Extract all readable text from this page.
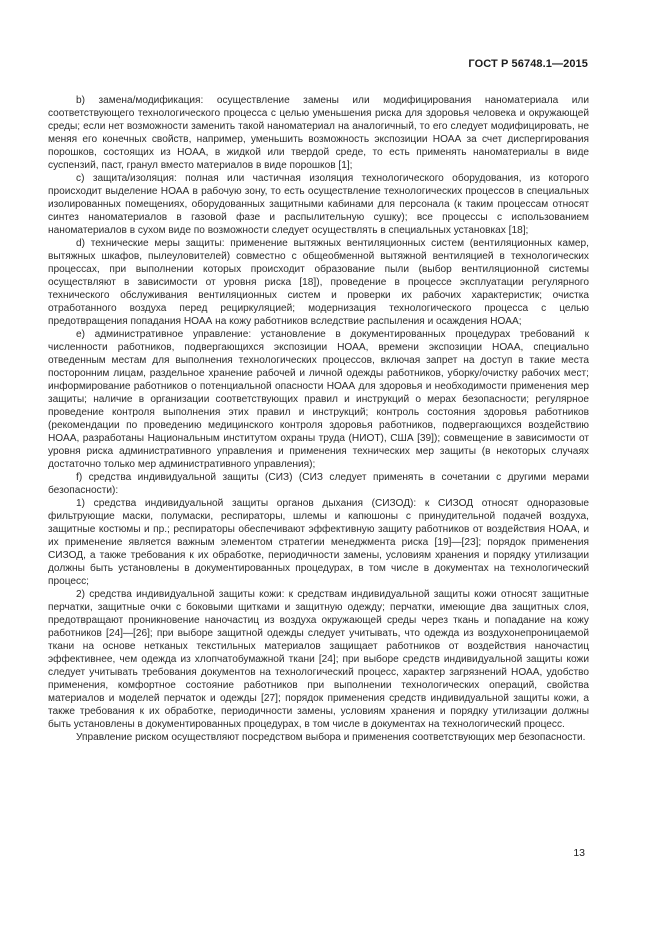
ГОСТ Р 56748.1—2015

b) замена/модификация: осуществление замены или модифицирования наноматериала или соответствующего технологического процесса с целью уменьшения риска для здоровья человека и окружающей среды; если нет возможности заменить такой наноматериал на аналогичный, то его следует модифицировать, не меняя его конечных свойств, например, уменьшить возможность экспозиции НОАА за счет диспергирования порошков, состоящих из НОАА, в жидкой или твердой среде, то есть применять наноматериалы в виде суспензий, паст, гранул вместо материалов в виде порошков [1];

c) защита/изоляция: полная или частичная изоляция технологического оборудования, из которого происходит выделение НОАА в рабочую зону, то есть осуществление технологических процессов в специальных изолированных помещениях, оборудованных защитными кабинами для персонала (к таким процессам относят синтез наноматериалов в газовой фазе и распылительную сушку); все процессы с использованием наноматериалов в сухом виде по возможности следует осуществлять в специальных установках [18];

d) технические меры защиты: применение вытяжных вентиляционных систем (вентиляционных камер, вытяжных шкафов, пылеуловителей) совместно с общеобменной вытяжной вентиляцией в технологических процессах, при выполнении которых происходит образование пыли (выбор вентиляционной системы осуществляют в зависимости от уровня риска [18]), проведение в процессе эксплуатации регулярного технического обслуживания вентиляционных систем и проверки их рабочих характеристик; очистка отработанного воздуха перед рециркуляцией; модернизация технологического процесса с целью предотвращения попадания НОАА на кожу работников вследствие распыления и осаждения НОАА;

e) административное управление: установление в документированных процедурах требований к численности работников, подвергающихся экспозиции НОАА, времени экспозиции НОАА, специально отведенным местам для выполнения технологических процессов, включая запрет на доступ в такие места посторонним лицам, раздельное хранение рабочей и личной одежды работников, уборку/очистку рабочих мест; информирование работников о потенциальной опасности НОАА для здоровья и необходимости применения мер защиты; наличие в организации соответствующих правил и инструкций о мерах безопасности; регулярное проведение контроля выполнения этих правил и инструкций; контроль состояния здоровья работников (рекомендации по проведению медицинского контроля здоровья работников, подвергающихся воздействию НОАА, разработаны Национальным институтом охраны труда (НИОТ), США [39]); совмещение в зависимости от уровня риска административного управления и применения технических мер защиты (в некоторых случаях достаточно только мер административного управления);

f) средства индивидуальной защиты (СИЗ) (СИЗ следует применять в сочетании с другими мерами безопасности):

1) средства индивидуальной защиты органов дыхания (СИЗОД): к СИЗОД относят одноразовые фильтрующие маски, полумаски, респираторы, шлемы и капюшоны с принудительной подачей воздуха, защитные костюмы и пр.; респираторы обеспечивают эффективную защиту работников от воздействия НОАА, и их применение является важным элементом стратегии менеджмента риска [19]—[23]; порядок применения СИЗОД, а также требования к их обработке, периодичности замены, условиям хранения и порядку утилизации должны быть установлены в документированных процедурах, в том числе в документах на технологический процесс;

2) средства индивидуальной защиты кожи: к средствам индивидуальной защиты кожи относят защитные перчатки, защитные очки с боковыми щитками и защитную одежду; перчатки, имеющие два защитных слоя, предотвращают проникновение наночастиц из воздуха окружающей среды через ткань и попадание на кожу работников [24]—[26]; при выборе защитной одежды следует учитывать, что одежда из воздухонепроницаемой ткани на основе нетканых текстильных материалов защищает работников от воздействия наночастиц эффективнее, чем одежда из хлопчатобумажной ткани [24]; при выборе средств индивидуальной защиты кожи следует учитывать требования документов на технологический процесс, характер загрязнений НОАА, удобство применения, комфортное состояние работников при выполнении технологических операций, свойства материалов и моделей перчаток и одежды [27]; порядок применения средств индивидуальной защиты кожи, а также требования к их обработке, периодичности замены, условиям хранения и порядку утилизации должны быть установлены в документированных процедурах, в том числе в документах на технологический процесс.

Управление риском осуществляют посредством выбора и применения соответствующих мер безопасности.

13
